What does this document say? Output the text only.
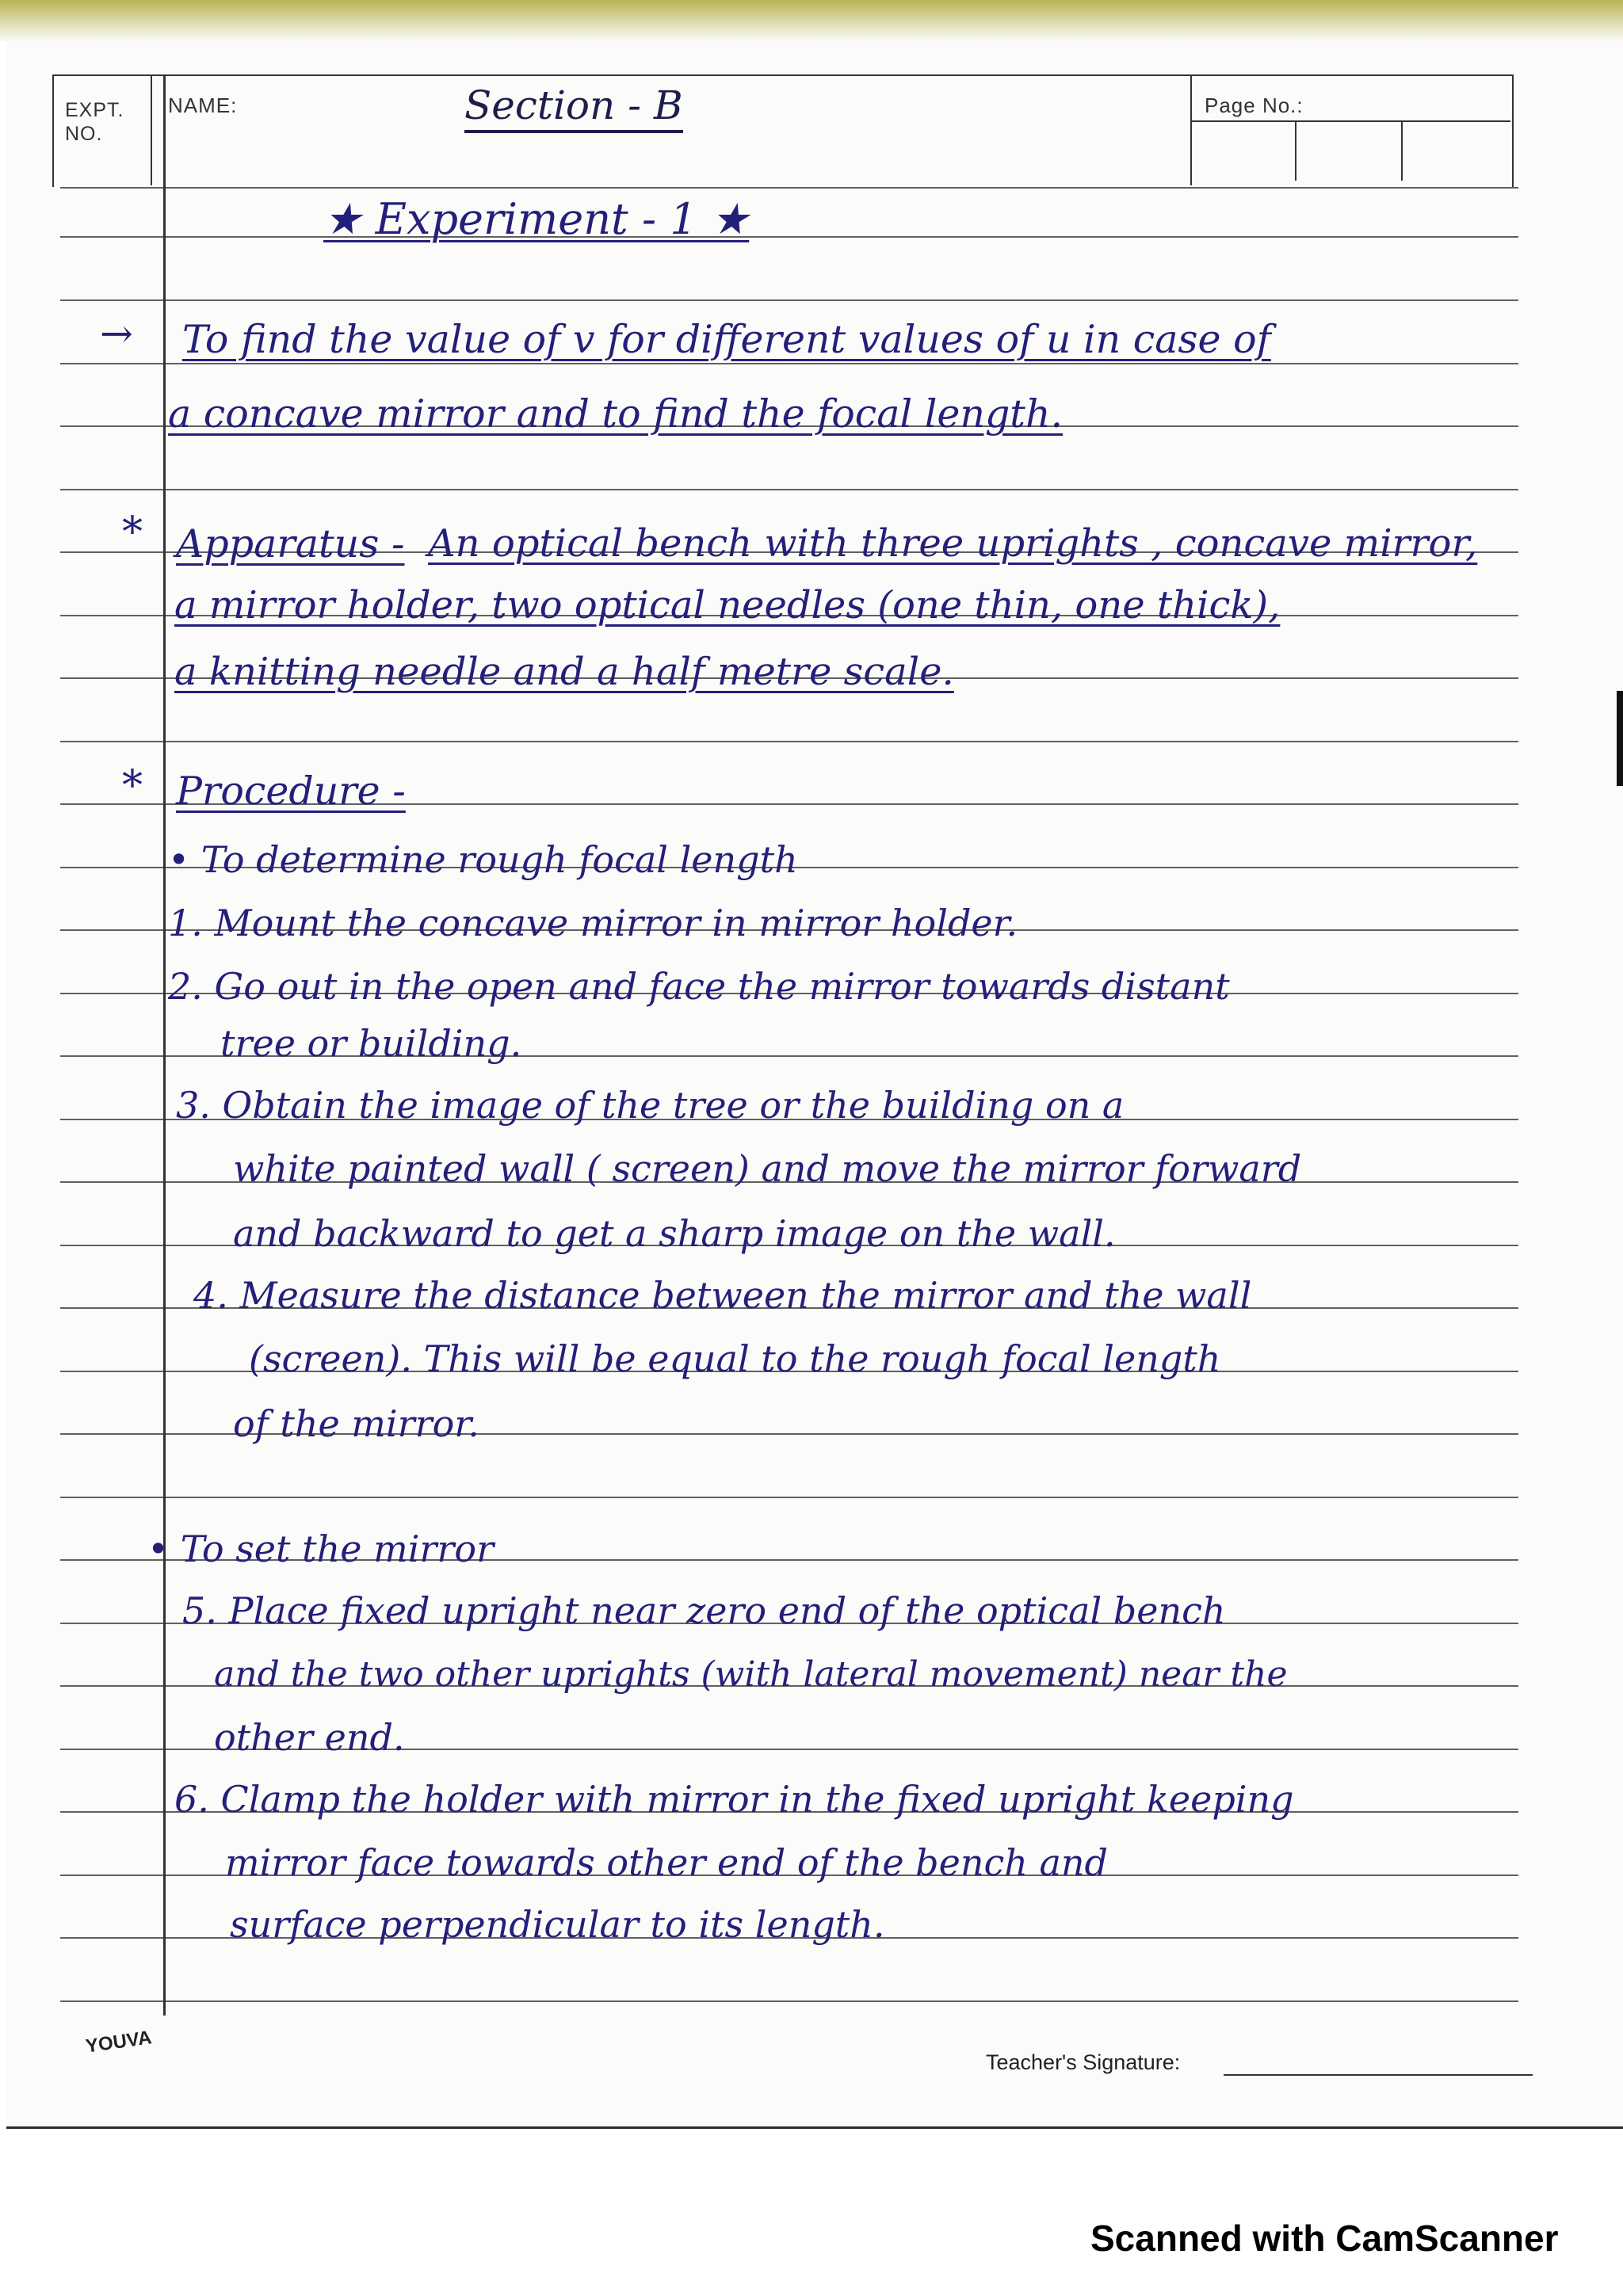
EXPT. NO.
NAME:	Section - B	Page No.:
★ Experiment - 1 ★
→ To find the value of v for different values of u in case of
a concave mirror and to find the focal length.
* Apparatus - An optical bench with three uprights , concave mirror,
a mirror holder, two optical needles (one thin, one thick),
a knitting needle and a half metre scale.
* Procedure -
• To determine rough focal length
1. Mount the concave mirror in mirror holder.
2. Go out in the open and face the mirror towards distant
tree or building.
3. Obtain the image of the tree or the building on a
white painted wall ( screen) and move the mirror forward
and backward to get a sharp image on the wall.
4. Measure the distance between the mirror and the wall
(screen). This will be equal to the rough focal length
of the mirror.
• To set the mirror
5. Place fixed upright near zero end of the optical bench
and the two other uprights (with lateral movement) near the
other end.
6. Clamp the holder with mirror in the fixed upright keeping
mirror face towards other end of the bench and
surface perpendicular to its length.
YOUVA
Teacher's Signature:
Scanned with CamScanner
